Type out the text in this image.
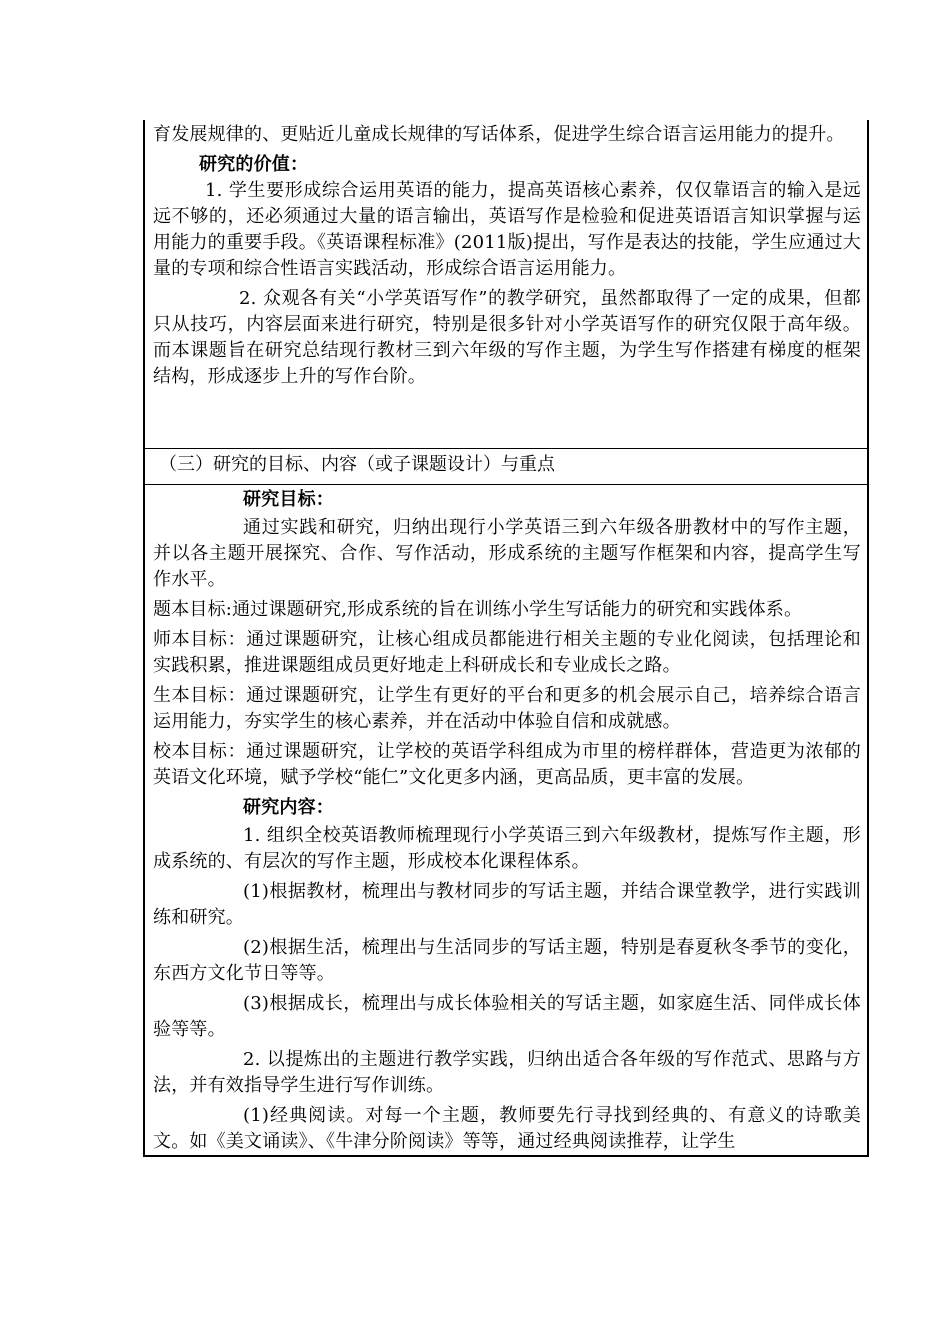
育发展规律的、更贴近儿童成长规律的写话体系，促进学生综合语言运用能力的提升。

研究的价值：

1. 学生要形成综合运用英语的能力，提高英语核心素养，仅仅靠语言的输入是远远不够的，还必须通过大量的语言输出，英语写作是检验和促进英语语言知识掌握与运用能力的重要手段。《英语课程标准》(2011版)提出，写作是表达的技能，学生应通过大量的专项和综合性语言实践活动，形成综合语言运用能力。

2. 众观各有关“小学英语写作”的教学研究，虽然都取得了一定的成果，但都只从技巧，内容层面来进行研究，特别是很多针对小学英语写作的研究仅限于高年级。而本课题旨在研究总结现行教材三到六年级的写作主题，为学生写作搭建有梯度的框架结构，形成逐步上升的写作台阶。

（三）研究的目标、内容（或子课题设计）与重点

研究目标：

通过实践和研究，归纳出现行小学英语三到六年级各册教材中的写作主题，并以各主题开展探究、合作、写作活动，形成系统的主题写作框架和内容，提高学生写作水平。

题本目标:通过课题研究,形成系统的旨在训练小学生写话能力的研究和实践体系。

师本目标：通过课题研究，让核心组成员都能进行相关主题的专业化阅读，包括理论和实践积累，推进课题组成员更好地走上科研成长和专业成长之路。

生本目标：通过课题研究，让学生有更好的平台和更多的机会展示自己，培养综合语言运用能力，夯实学生的核心素养，并在活动中体验自信和成就感。

校本目标：通过课题研究，让学校的英语学科组成为市里的榜样群体，营造更为浓郁的英语文化环境，赋予学校“能仁”文化更多内涵，更高品质，更丰富的发展。

研究内容：

1. 组织全校英语教师梳理现行小学英语三到六年级教材，提炼写作主题，形成系统的、有层次的写作主题，形成校本化课程体系。

(1)根据教材，梳理出与教材同步的写话主题，并结合课堂教学，进行实践训练和研究。

(2)根据生活，梳理出与生活同步的写话主题，特别是春夏秋冬季节的变化，东西方文化节日等等。

(3)根据成长，梳理出与成长体验相关的写话主题，如家庭生活、同伴成长体验等等。

2. 以提炼出的主题进行教学实践，归纳出适合各年级的写作范式、思路与方法，并有效指导学生进行写作训练。

(1)经典阅读。对每一个主题，教师要先行寻找到经典的、有意义的诗歌美文。如《美文诵读》、《牛津分阶阅读》等等，通过经典阅读推荐，让学生
